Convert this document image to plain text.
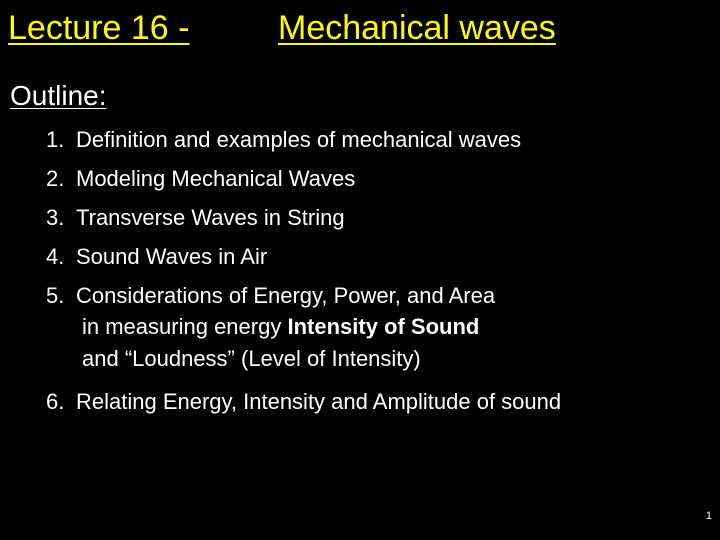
Lecture 16 -	Mechanical waves
Outline:
1. Definition and examples of mechanical waves
2. Modeling Mechanical Waves
3. Transverse Waves in String
4. Sound Waves in Air
5. Considerations of Energy, Power, and Area
in measuring energy Intensity of Sound
and “Loudness” (Level of Intensity)
6. Relating Energy, Intensity and Amplitude of sound
1
